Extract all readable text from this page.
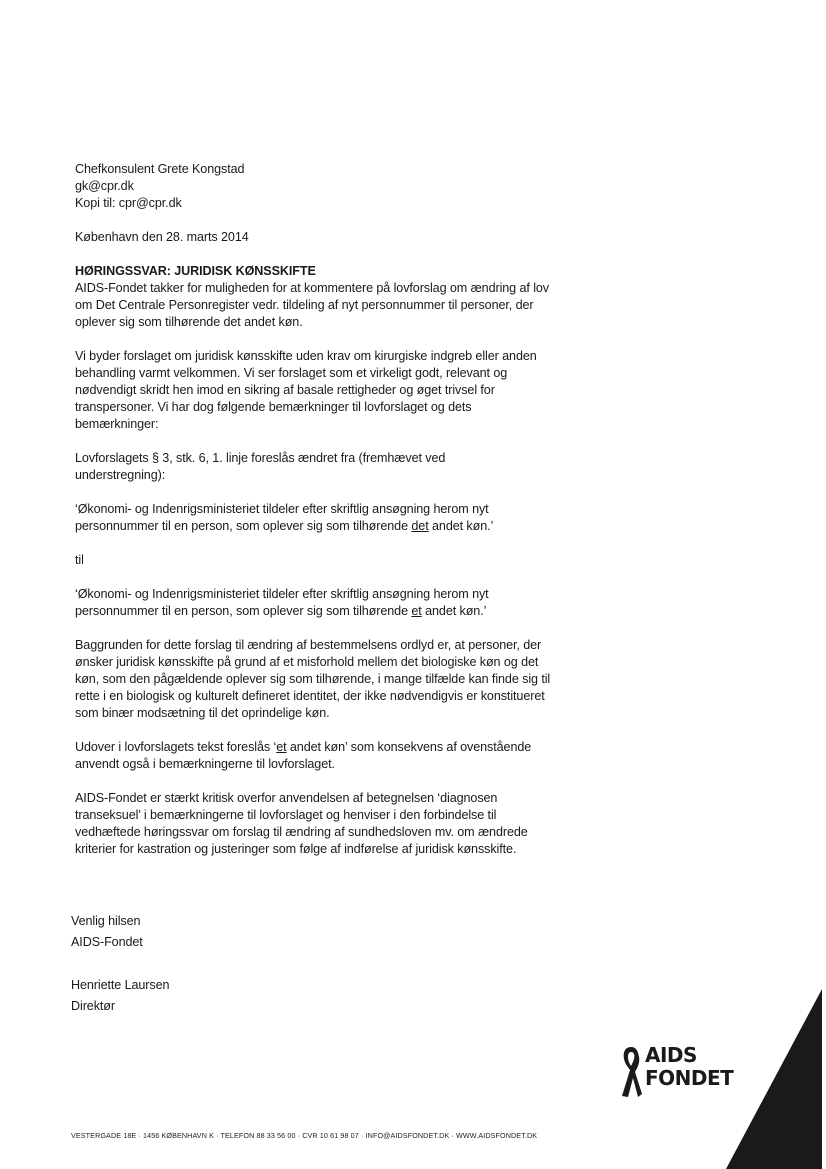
Chefkonsulent Grete Kongstad
gk@cpr.dk
Kopi til: cpr@cpr.dk
København den 28. marts 2014
HØRINGSSVAR: JURIDISK KØNSSKIFTE
AIDS-Fondet takker for muligheden for at kommentere på lovforslag om ændring af lov om Det Centrale Personregister vedr. tildeling af nyt personnummer til personer, der oplever sig som tilhørende det andet køn.
Vi byder forslaget om juridisk kønsskifte uden krav om kirurgiske indgreb eller anden behandling varmt velkommen. Vi ser forslaget som et virkeligt godt, relevant og nødvendigt skridt hen imod en sikring af basale rettigheder og øget trivsel for transpersoner. Vi har dog følgende bemærkninger til lovforslaget og dets bemærkninger:
Lovforslagets § 3, stk. 6, 1. linje foreslås ændret fra (fremhævet ved understregning):
‘Økonomi- og Indenrigsministeriet tildeler efter skriftlig ansøgning herom nyt personnummer til en person, som oplever sig som tilhørende det andet køn.’
til
‘Økonomi- og Indenrigsministeriet tildeler efter skriftlig ansøgning herom nyt personnummer til en person, som oplever sig som tilhørende et andet køn.’
Baggrunden for dette forslag til ændring af bestemmelsens ordlyd er, at personer, der ønsker juridisk kønsskifte på grund af et misforhold mellem det biologiske køn og det køn, som den pågældende oplever sig som tilhørende, i mange tilfælde kan finde sig til rette i en biologisk og kulturelt defineret identitet, der ikke nødvendigvis er konstitueret som binær modsætning til det oprindelige køn.
Udover i lovforslagets tekst foreslås ‘et andet køn’ som konsekvens af ovenstående anvendt også i bemærkningerne til lovforslaget.
AIDS-Fondet er stærkt kritisk overfor anvendelsen af betegnelsen ‘diagnosen transeksuel’ i bemærkningerne til lovforslaget og henviser i den forbindelse til vedhæftede høringssvar om forslag til ændring af sundhedsloven mv. om ændrede kriterier for kastration og justeringer som følge af indførelse af juridisk kønsskifte.
Venlig hilsen
AIDS-Fondet
Henriette Laursen
Direktør
AIDS
FONDET
VESTERGADE 18E · 1456 KØBENHAVN K · TELEFON 88 33 56 00 · CVR 10 61 98 07 · INFO@AIDSFONDET.DK · WWW.AIDSFONDET.DK
